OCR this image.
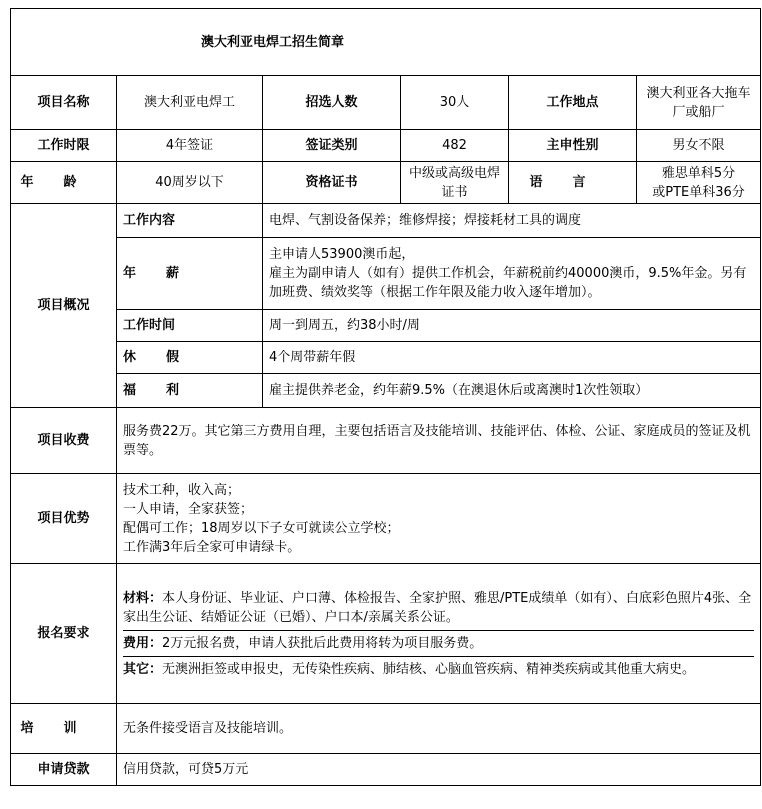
澳大利亚电焊工招生简章					
项目名称	澳大利亚电焊工	招选人数	30人	工作地点	澳大利亚各大拖车厂或船厂
工作时限	4年签证	签证类别	482	主申性别	男女不限
年龄	40周岁以下	资格证书	中级或高级电焊证书	语言	雅思单科5分
或PTE单科36分

项目概况	工作内容	电焊、气割设备保养；维修焊接；焊接耗材工具的调度			
	年薪	主申请人53900澳币起，
雇主为副申请人（如有）提供工作机会，年薪税前约40000澳币，9.5%年金。另有加班费、绩效奖等（根据工作年限及能力收入逐年增加）。			

	工作时间	周一到周五，约38小时/周			
	休假	4个周带薪年假			
	福利	雇主提供养老金，约年薪9.5%（在澳退休后或离澳时1次性领取）			
项目收费	服务费22万。其它第三方费用自理，主要包括语言及技能培训、技能评估、体检、公证、家庭成员的签证及机票等。				
项目优势	技术工种，收入高；
一人申请，全家获签；
配偶可工作；18周岁以下子女可就读公立学校；
工作满3年后全家可申请绿卡。				

报名要求	材料：本人身份证、毕业证、户口薄、体检报告、全家护照、雅思/PTE成绩单（如有）、白底彩色照片4张、全家出生公证、结婚证公证（已婚）、户口本/亲属关系公证。
费用：2万元报名费，申请人获批后此费用将转为项目服务费。
其它：无澳洲拒签或申报史，无传染性疾病、肺结核、心脑血管疾病、精神类疾病或其他重大病史。				

培训	无条件接受语言及技能培训。				
申请贷款	信用贷款，可贷5万元				
